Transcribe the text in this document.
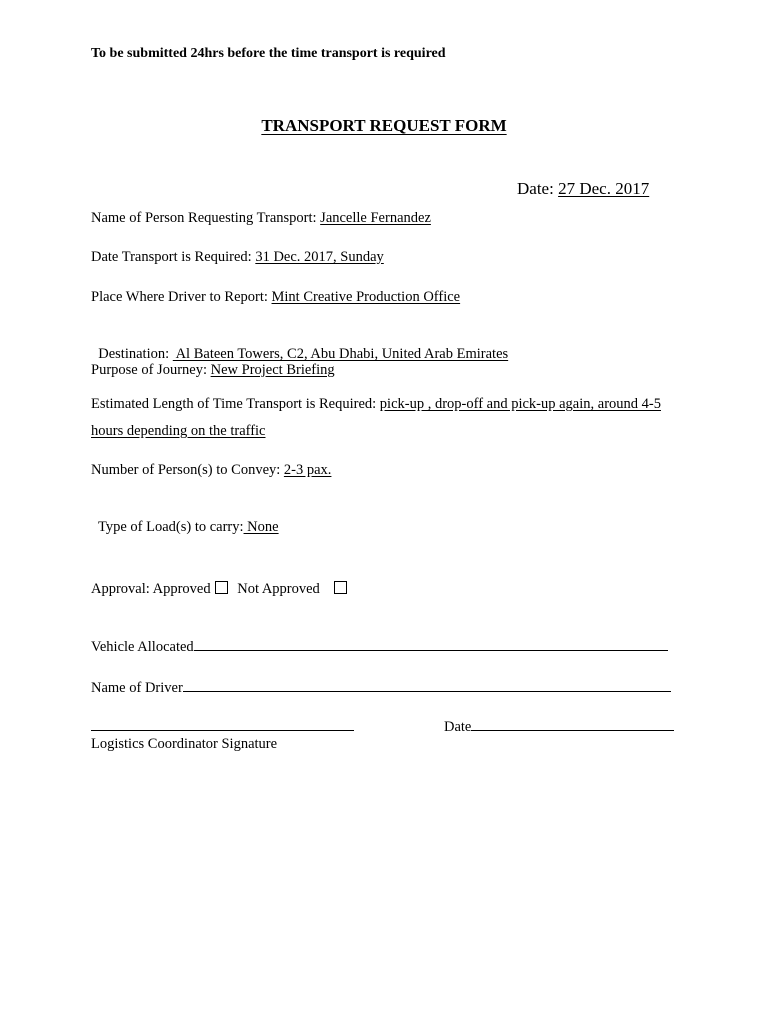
To be submitted 24hrs before the time transport is required
TRANSPORT REQUEST FORM
Date: 27 Dec. 2017
Name of Person Requesting Transport: Jancelle Fernandez
Date Transport is Required: 31 Dec. 2017, Sunday
Place Where Driver to Report: Mint Creative Production Office

Destination:  Al Bateen Towers, C2, Abu Dhabi, United Arab Emirates

Purpose of Journey: New Project Briefing
Estimated Length of Time Transport is Required: pick-up , drop-off and pick-up again, around 4-5 hours depending on the traffic
Number of Person(s) to Convey: 2-3 pax.

Type of Load(s) to carry: None

Approval: Approved Not Approved
Vehicle Allocated
Name of Driver
Date
Logistics Coordinator Signature
